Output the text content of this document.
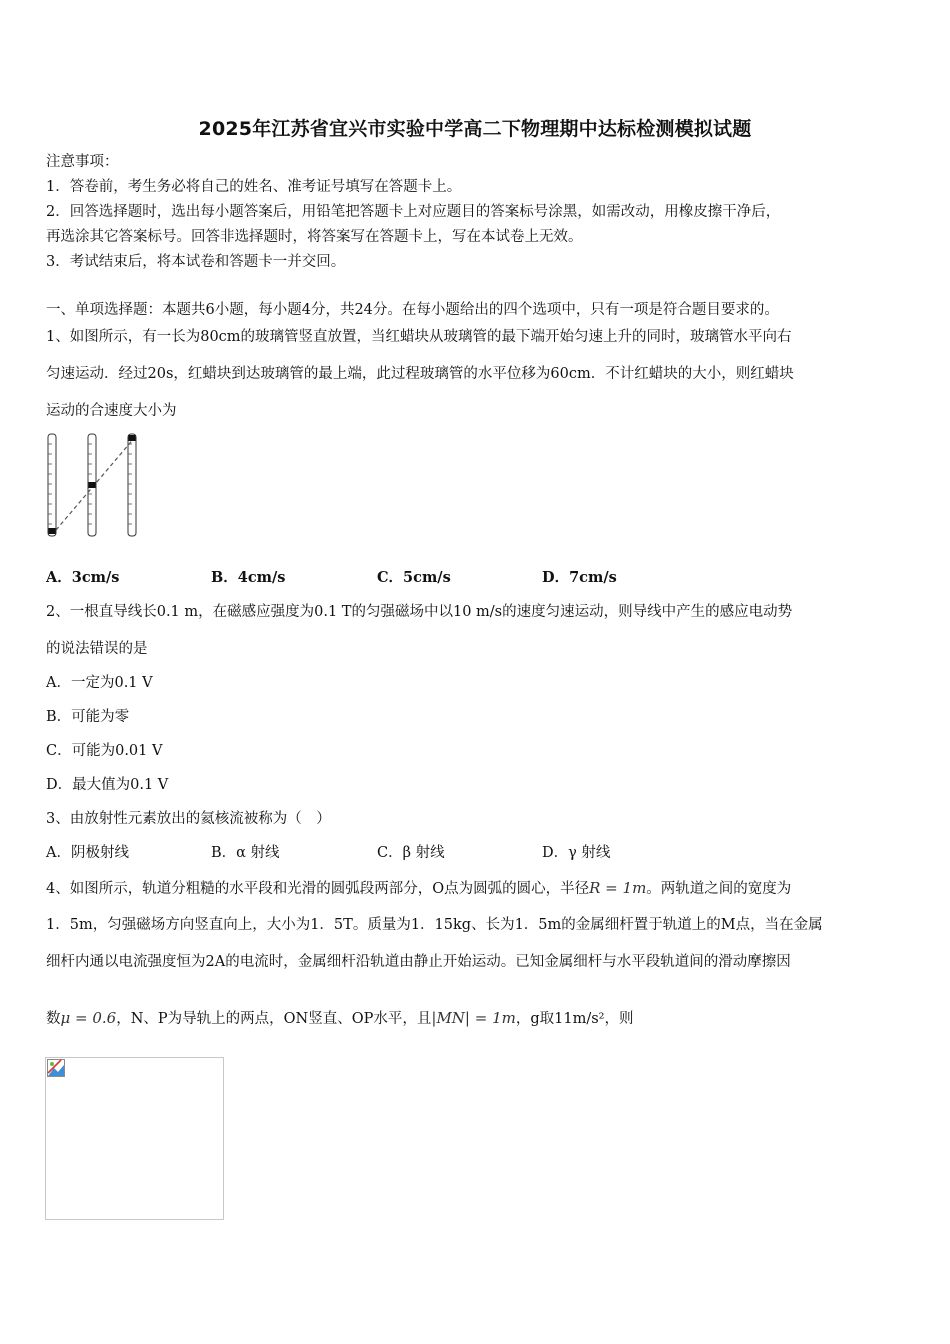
2025年江苏省宜兴市实验中学高二下物理期中达标检测模拟试题
注意事项：
1．答卷前，考生务必将自己的姓名、准考证号填写在答题卡上。
2．回答选择题时，选出每小题答案后，用铅笔把答题卡上对应题目的答案标号涂黑，如需改动，用橡皮擦干净后，
再选涂其它答案标号。回答非选择题时，将答案写在答题卡上，写在本试卷上无效。
3．考试结束后，将本试卷和答题卡一并交回。
一、单项选择题：本题共6小题，每小题4分，共24分。在每小题给出的四个选项中，只有一项是符合题目要求的。
1、如图所示，有一长为80cm的玻璃管竖直放置，当红蜡块从玻璃管的最下端开始匀速上升的同时，玻璃管水平向右
匀速运动．经过20s，红蜡块到达玻璃管的最上端，此过程玻璃管的水平位移为60cm．不计红蜡块的大小，则红蜡块
运动的合速度大小为
A．3cm/s	B．4cm/s	C．5cm/s	D．7cm/s
2、一根直导线长0.1 m，在磁感应强度为0.1 T的匀强磁场中以10 m/s的速度匀速运动，则导线中产生的感应电动势
的说法错误的是
A．一定为0.1 V
B．可能为零
C．可能为0.01 V
D．最大值为0.1 V
3、由放射性元素放出的氦核流被称为（　）
A．阴极射线	B．α 射线	C．β 射线	D．γ 射线
4、如图所示，轨道分粗糙的水平段和光滑的圆弧段两部分，O点为圆弧的圆心，半径R = 1m。两轨道之间的宽度为
1．5m，匀强磁场方向竖直向上，大小为1．5T。质量为1．15kg、长为1．5m的金属细杆置于轨道上的M点，当在金属
细杆内通以电流强度恒为2A的电流时，金属细杆沿轨道由静止开始运动。已知金属细杆与水平段轨道间的滑动摩擦因
数μ = 0.6，N、P为导轨上的两点，ON竖直、OP水平，且|MN| = 1m，g取11m/s²，则
